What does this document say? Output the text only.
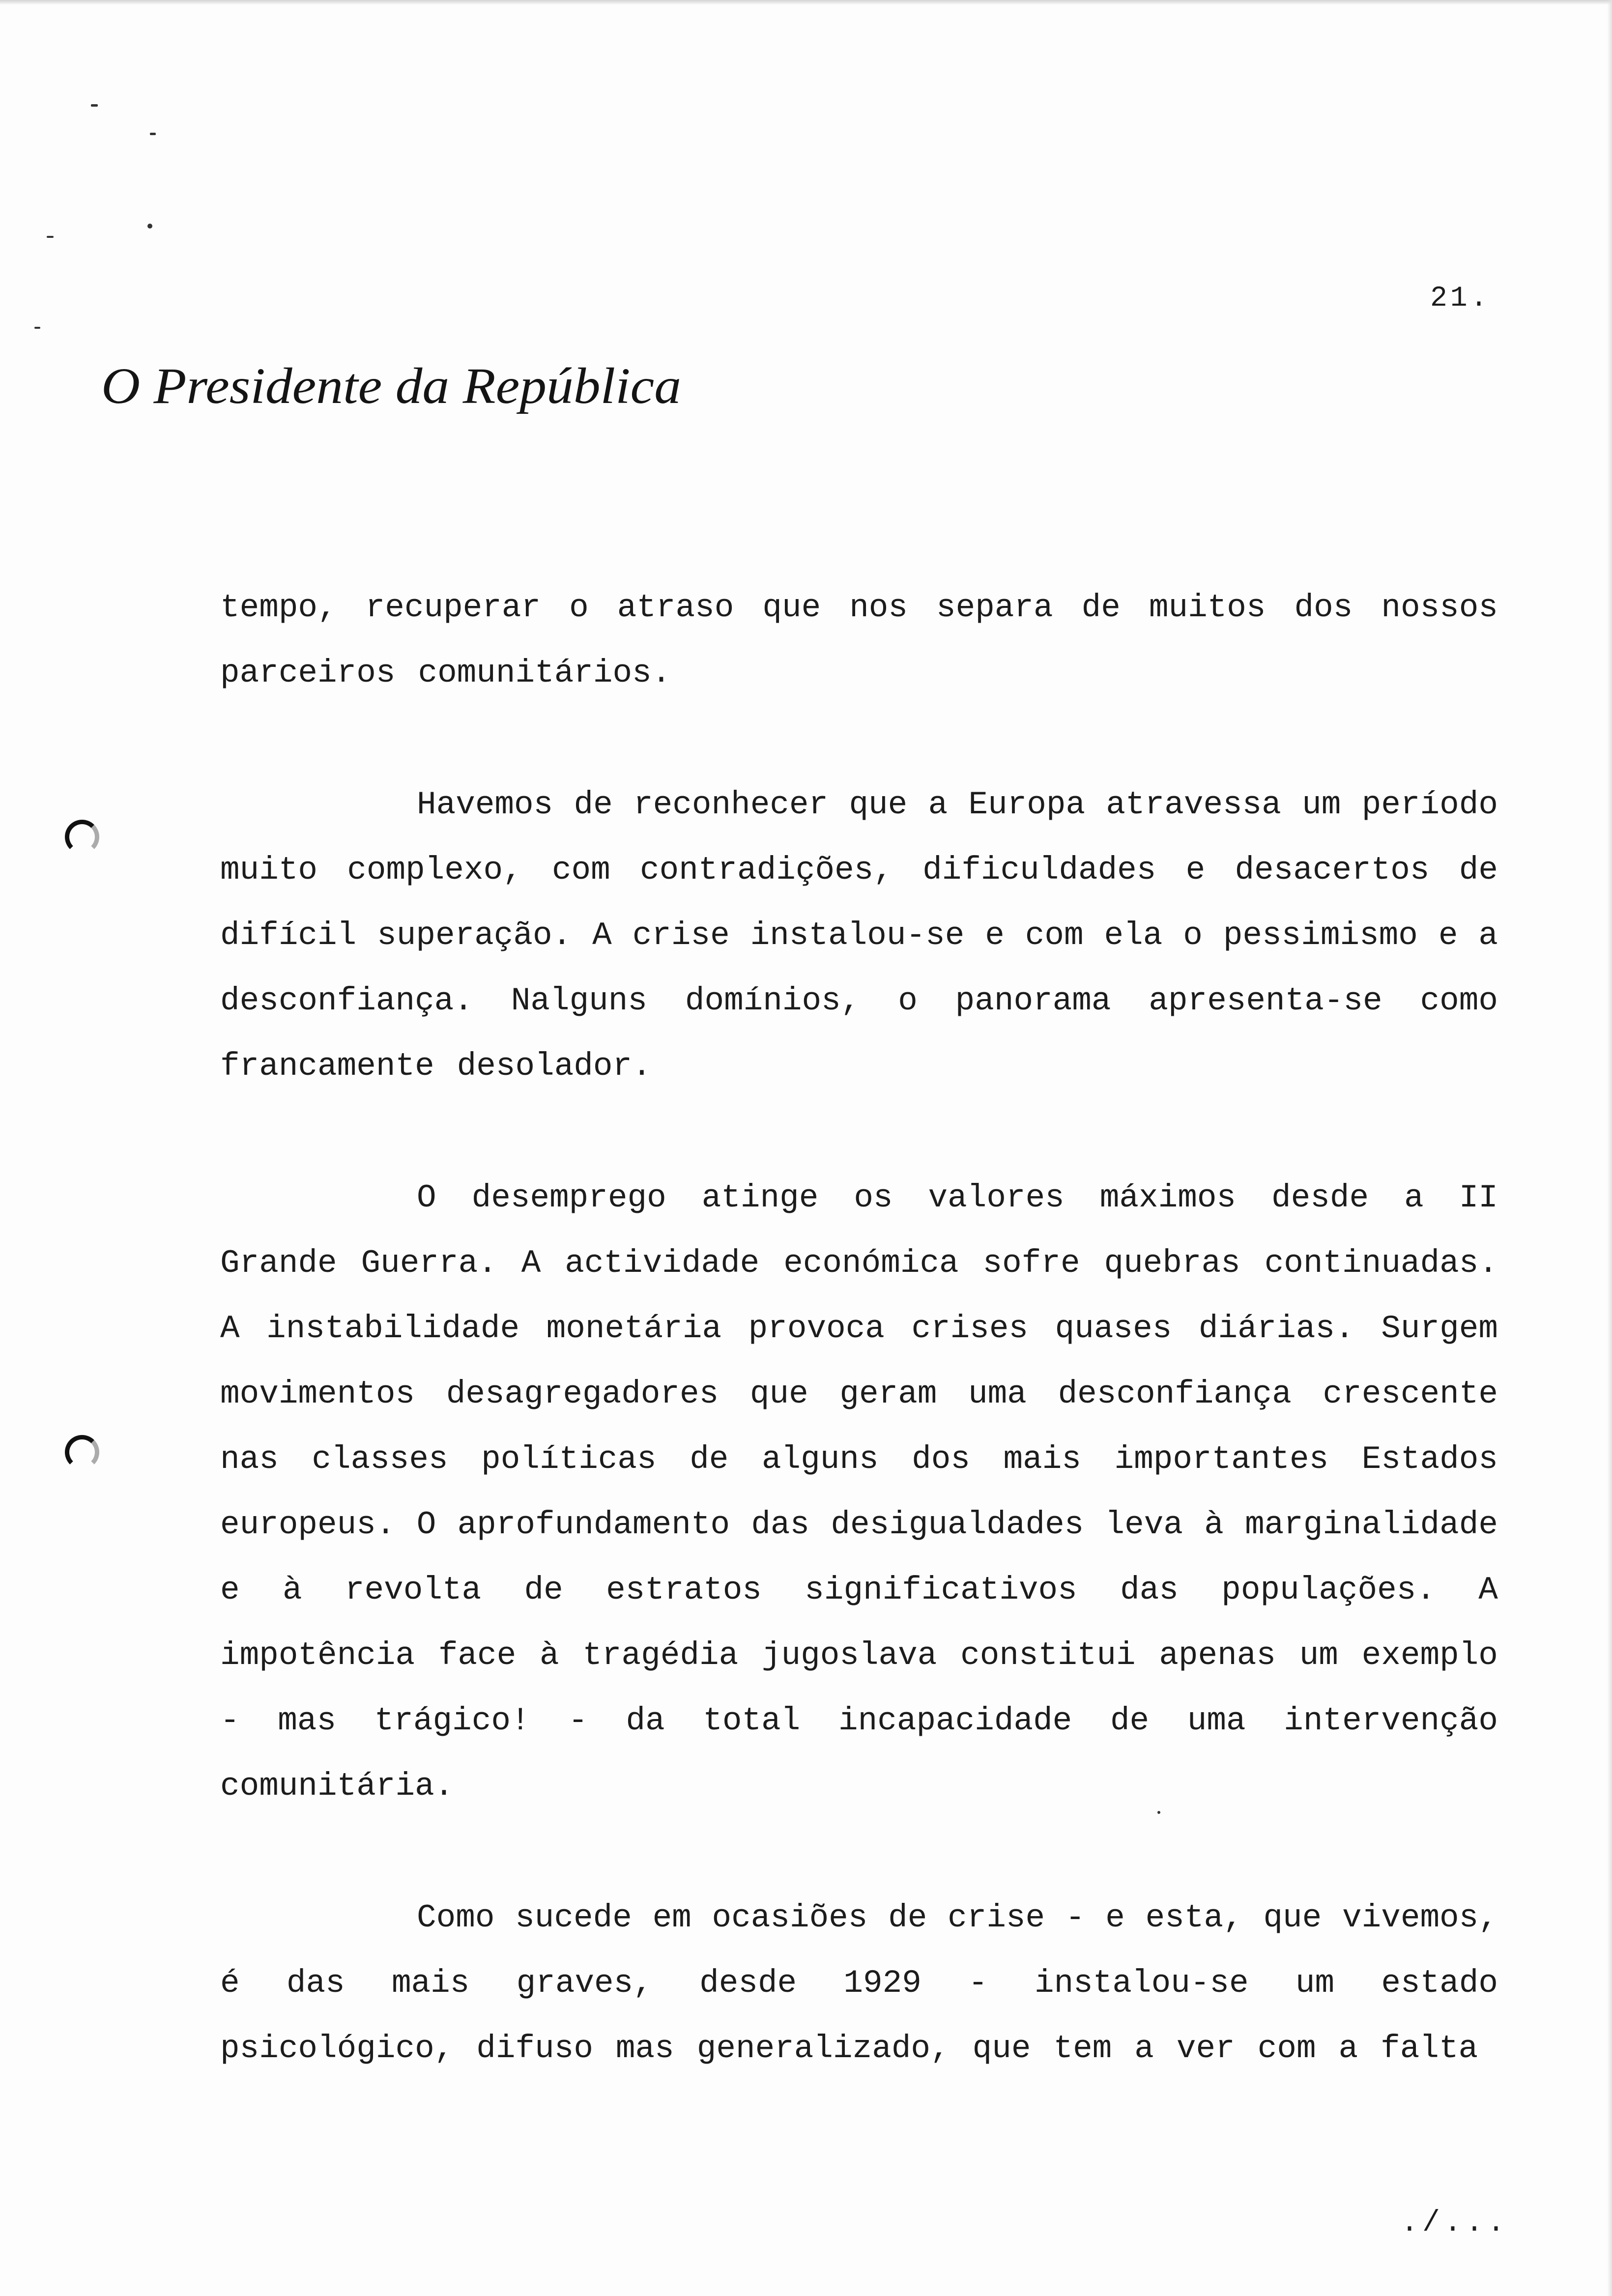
21.
O Presidente da República
tempo, recuperar o atraso que nos separa de muitos dos nossos
parceiros comunitários.
Havemos de reconhecer que a Europa atravessa um período
muito complexo, com contradições, dificuldades e desacertos de
difícil superação. A crise instalou-se e com ela o pessimismo e a
desconfiança. Nalguns domínios, o panorama apresenta-se como
francamente desolador.
O desemprego atinge os valores máximos desde a II
Grande Guerra. A actividade económica sofre quebras continuadas.
A instabilidade monetária provoca crises quases diárias. Surgem
movimentos desagregadores que geram uma desconfiança crescente
nas classes políticas de alguns dos mais importantes Estados
europeus. O aprofundamento das desigualdades leva à marginalidade
e à revolta de estratos significativos das populações. A
impotência face à tragédia jugoslava constitui apenas um exemplo
- mas trágico! - da total incapacidade de uma intervenção
comunitária.
Como sucede em ocasiões de crise - e esta, que vivemos,
é das mais graves, desde 1929 - instalou-se um estado
psicológico, difuso mas generalizado, que tem a ver com a falta
./...
